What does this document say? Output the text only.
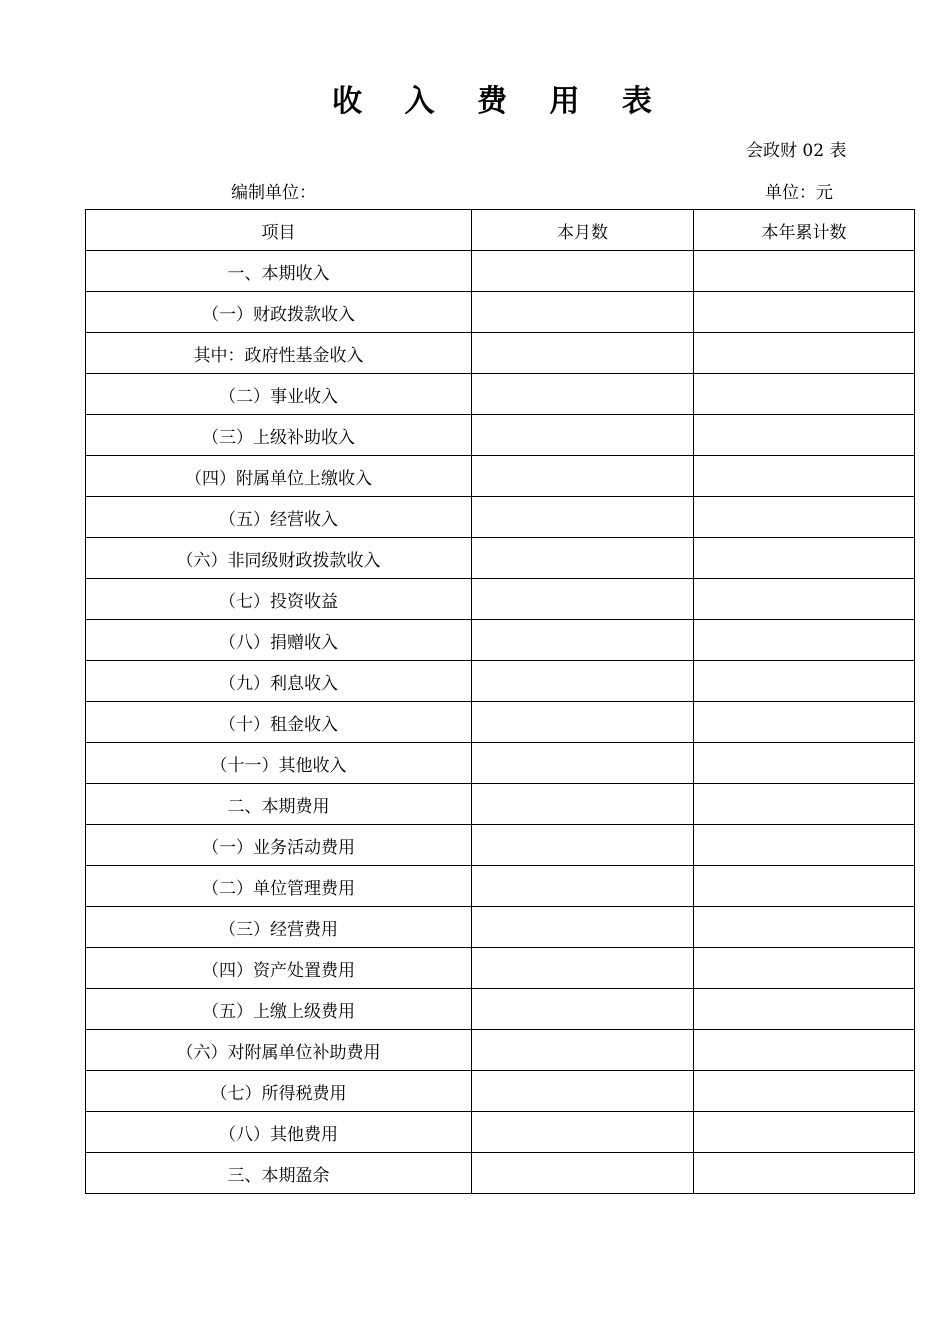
收 入 费 用 表
会政财 02 表
编制单位：	单位：元
项目	本月数	本年累计数
一、本期收入		
（一）财政拨款收入		
其中：政府性基金收入		
（二）事业收入		
（三）上级补助收入		
（四）附属单位上缴收入		
（五）经营收入		
（六）非同级财政拨款收入		
（七）投资收益		
（八）捐赠收入		
（九）利息收入		
（十）租金收入		
（十一）其他收入		
二、本期费用		
（一）业务活动费用		
（二）单位管理费用		
（三）经营费用		
（四）资产处置费用		
（五）上缴上级费用		
（六）对附属单位补助费用		
（七）所得税费用		
（八）其他费用		
三、本期盈余		
